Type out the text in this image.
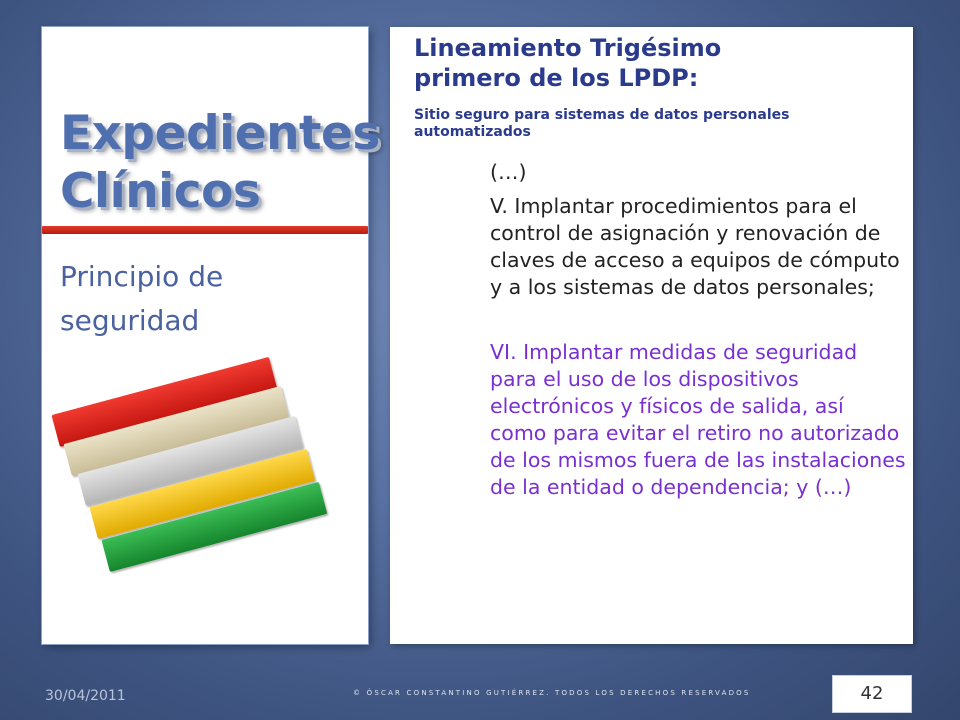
Expedientes
Clínicos
Principio de seguridad
Lineamiento Trigésimo primero de los LPDP:
Sitio seguro para sistemas de datos personales automatizados
(…)
V. Implantar procedimientos para el control de asignación y renovación de claves de acceso a equipos de cómputo y a los sistemas de datos personales;
VI. Implantar medidas de seguridad para el uso de los dispositivos electrónicos y físicos de salida, así como para evitar el retiro no autorizado de los mismos fuera de las instalaciones de la entidad o dependencia; y (…)
30/04/2011	© ÓSCAR CONSTANTINO GUTIÉRREZ. TODOS LOS DERECHOS RESERVADOS	42
